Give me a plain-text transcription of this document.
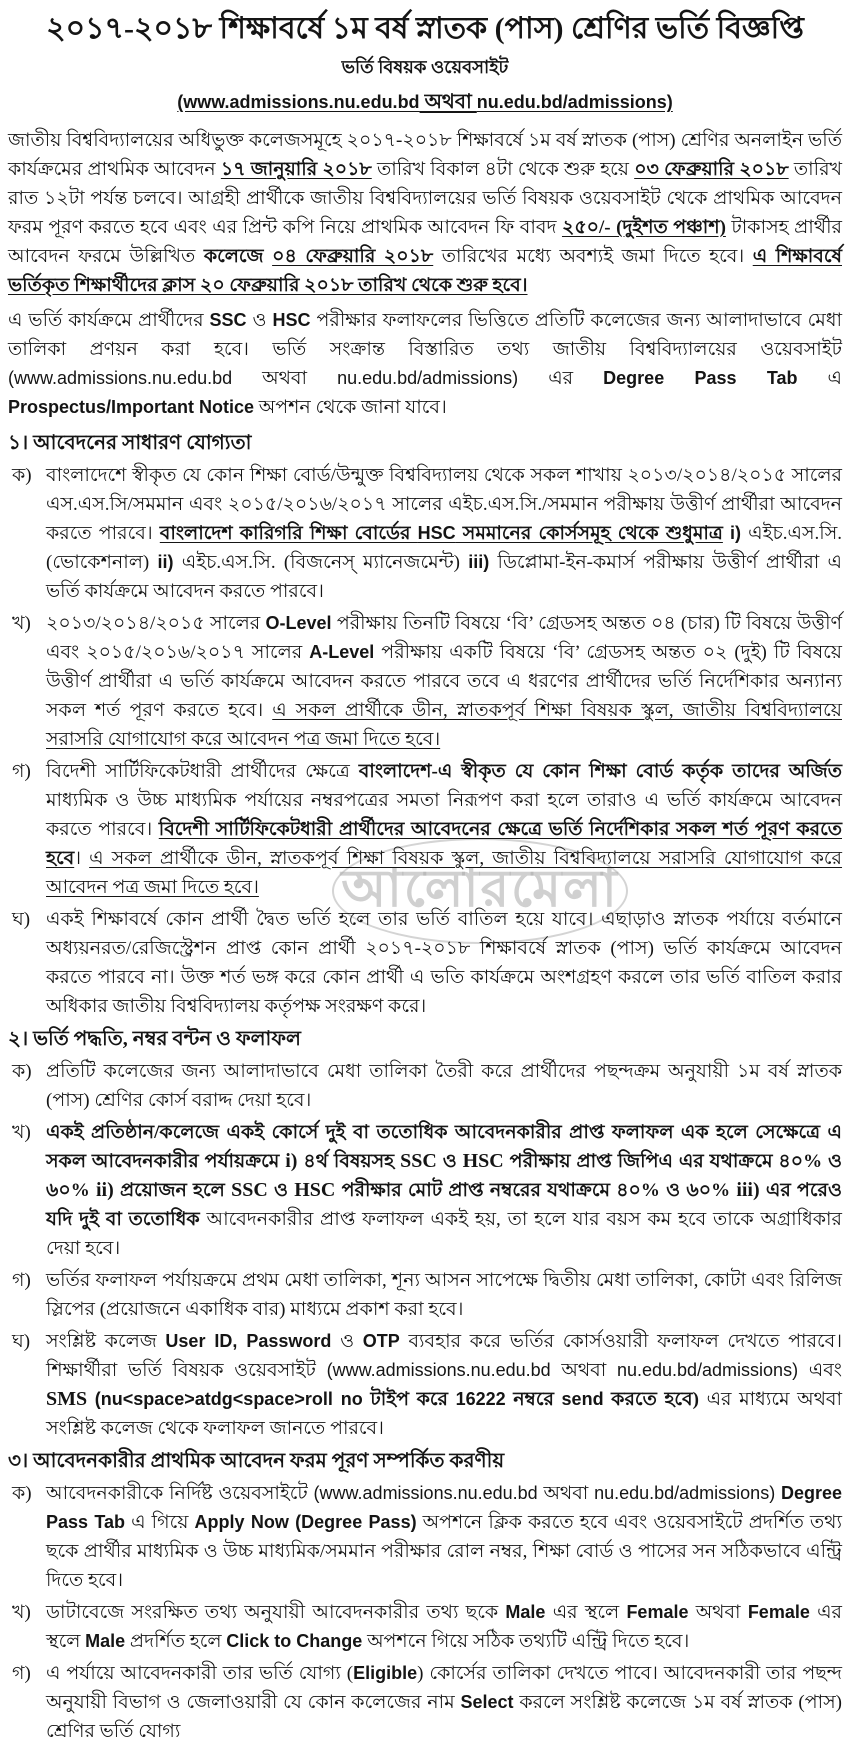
আলোরমেলা
২০১৭-২০১৮ শিক্ষাবর্ষে ১ম বর্ষ স্নাতক (পাস) শ্রেণির ভর্তি বিজ্ঞপ্তি
ভর্তি বিষয়ক ওয়েবসাইট
(www.admissions.nu.edu.bd অথবা nu.edu.bd/admissions)
জাতীয় বিশ্ববিদ্যালয়ের অধিভুক্ত কলেজসমূহে ২০১৭-২০১৮ শিক্ষাবর্ষে ১ম বর্ষ স্নাতক (পাস) শ্রেণির অনলাইন ভর্তি কার্যক্রমের প্রাথমিক আবেদন ১৭ জানুয়ারি ২০১৮ তারিখ বিকাল ৪টা থেকে শুরু হয়ে ০৩ ফেব্রুয়ারি ২০১৮ তারিখ রাত ১২টা পর্যন্ত চলবে। আগ্রহী প্রার্থীকে জাতীয় বিশ্ববিদ্যালয়ের ভর্তি বিষয়ক ওয়েবসাইট থেকে প্রাথমিক আবেদন ফরম পূরণ করতে হবে এবং এর প্রিন্ট কপি নিয়ে প্রাথমিক আবেদন ফি বাবদ ২৫০/- (দুইশত পঞ্চাশ) টাকাসহ প্রার্থীর আবেদন ফরমে উল্লিখিত কলেজে ০৪ ফেব্রুয়ারি ২০১৮ তারিখের মধ্যে অবশ্যই জমা দিতে হবে। এ শিক্ষাবর্ষে ভর্তিকৃত শিক্ষার্থীদের ক্লাস ২০ ফেব্রুয়ারি ২০১৮ তারিখ থেকে শুরু হবে।
এ ভর্তি কার্যক্রমে প্রার্থীদের SSC ও HSC পরীক্ষার ফলাফলের ভিত্তিতে প্রতিটি কলেজের জন্য আলাদাভাবে মেধা তালিকা প্রণয়ন করা হবে। ভর্তি সংক্রান্ত বিস্তারিত তথ্য জাতীয় বিশ্ববিদ্যালয়ের ওয়েবসাইট (www.admissions.nu.edu.bd অথবা nu.edu.bd/admissions) এর Degree Pass Tab এ Prospectus/Important Notice অপশন থেকে জানা যাবে।
১। আবেদনের সাধারণ যোগ্যতা
ক) বাংলাদেশে স্বীকৃত যে কোন শিক্ষা বোর্ড/উন্মুক্ত বিশ্ববিদ্যালয় থেকে সকল শাখায় ২০১৩/২০১৪/২০১৫ সালের এস.এস.সি/সমমান এবং ২০১৫/২০১৬/২০১৭ সালের এইচ.এস.সি./সমমান পরীক্ষায় উত্তীর্ণ প্রার্থীরা আবেদন করতে পারবে। বাংলাদেশ কারিগরি শিক্ষা বোর্ডের HSC সমমানের কোর্সসমূহ থেকে শুধুমাত্র i) এইচ.এস.সি. (ভোকেশনাল) ii) এইচ.এস.সি. (বিজনেস্ ম্যানেজমেন্ট) iii) ডিপ্লোমা-ইন-কমার্স পরীক্ষায় উত্তীর্ণ প্রার্থীরা এ ভর্তি কার্যক্রমে আবেদন করতে পারবে।
খ) ২০১৩/২০১৪/২০১৫ সালের O-Level পরীক্ষায় তিনটি বিষয়ে ‘বি’ গ্রেডসহ অন্তত ০৪ (চার) টি বিষয়ে উত্তীর্ণ এবং ২০১৫/২০১৬/২০১৭ সালের A-Level পরীক্ষায় একটি বিষয়ে ‘বি’ গ্রেডসহ অন্তত ০২ (দুই) টি বিষয়ে উত্তীর্ণ প্রার্থীরা এ ভর্তি কার্যক্রমে আবেদন করতে পারবে তবে এ ধরণের প্রার্থীদের ভর্তি নির্দেশিকার অন্যান্য সকল শর্ত পূরণ করতে হবে। এ সকল প্রার্থীকে ডীন, স্নাতকপূর্ব শিক্ষা বিষয়ক স্কুল, জাতীয় বিশ্ববিদ্যালয়ে সরাসরি যোগাযোগ করে আবেদন পত্র জমা দিতে হবে।
গ) বিদেশী সার্টিফিকেটধারী প্রার্থীদের ক্ষেত্রে বাংলাদেশ-এ স্বীকৃত যে কোন শিক্ষা বোর্ড কর্তৃক তাদের অর্জিত মাধ্যমিক ও উচ্চ মাধ্যমিক পর্যায়ের নম্বরপত্রের সমতা নিরূপণ করা হলে তারাও এ ভর্তি কার্যক্রমে আবেদন করতে পারবে। বিদেশী সার্টিফিকেটধারী প্রার্থীদের আবেদনের ক্ষেত্রে ভর্তি নির্দেশিকার সকল শর্ত পূরণ করতে হবে। এ সকল প্রার্থীকে ডীন, স্নাতকপূর্ব শিক্ষা বিষয়ক স্কুল, জাতীয় বিশ্ববিদ্যালয়ে সরাসরি যোগাযোগ করে আবেদন পত্র জমা দিতে হবে।
ঘ) একই শিক্ষাবর্ষে কোন প্রার্থী দ্বৈত ভর্তি হলে তার ভর্তি বাতিল হয়ে যাবে। এছাড়াও স্নাতক পর্যায়ে বর্তমানে অধ্যয়নরত/রেজিস্ট্রেশন প্রাপ্ত কোন প্রার্থী ২০১৭-২০১৮ শিক্ষাবর্ষে স্নাতক (পাস) ভর্তি কার্যক্রমে আবেদন করতে পারবে না। উক্ত শর্ত ভঙ্গ করে কোন প্রার্থী এ ভতি কার্যক্রমে অংশগ্রহণ করলে তার ভর্তি বাতিল করার অধিকার জাতীয় বিশ্ববিদ্যালয় কর্তৃপক্ষ সংরক্ষণ করে।
২। ভর্তি পদ্ধতি, নম্বর বন্টন ও ফলাফল
ক) প্রতিটি কলেজের জন্য আলাদাভাবে মেধা তালিকা তৈরী করে প্রার্থীদের পছন্দক্রম অনুযায়ী ১ম বর্ষ স্নাতক (পাস) শ্রেণির কোর্স বরাদ্দ দেয়া হবে।
খ) একই প্রতিষ্ঠান/কলেজে একই কোর্সে দুই বা ততোধিক আবেদনকারীর প্রাপ্ত ফলাফল এক হলে সেক্ষেত্রে এ সকল আবেদনকারীর পর্যায়ক্রমে i) ৪র্থ বিষয়সহ SSC ও HSC পরীক্ষায় প্রাপ্ত জিপিএ এর যথাক্রমে ৪০% ও ৬০% ii) প্রয়োজন হলে SSC ও HSC পরীক্ষার মোট প্রাপ্ত নম্বরের যথাক্রমে ৪০% ও ৬০% iii) এর পরেও যদি দুই বা ততোধিক আবেদনকারীর প্রাপ্ত ফলাফল একই হয়, তা হলে যার বয়স কম হবে তাকে অগ্রাধিকার দেয়া হবে।
গ) ভর্তির ফলাফল পর্যায়ক্রমে প্রথম মেধা তালিকা, শূন্য আসন সাপেক্ষে দ্বিতীয় মেধা তালিকা, কোটা এবং রিলিজ স্লিপের (প্রয়োজনে একাধিক বার) মাধ্যমে প্রকাশ করা হবে।
ঘ) সংশ্লিষ্ট কলেজ User ID, Password ও OTP ব্যবহার করে ভর্তির কোর্সওয়ারী ফলাফল দেখতে পারবে। শিক্ষার্থীরা ভর্তি বিষয়ক ওয়েবসাইট (www.admissions.nu.edu.bd অথবা nu.edu.bd/admissions) এবং SMS (nu<space>atdg<space>roll no টাইপ করে 16222 নম্বরে send করতে হবে) এর মাধ্যমে অথবা সংশ্লিষ্ট কলেজ থেকে ফলাফল জানতে পারবে।
৩। আবেদনকারীর প্রাথমিক আবেদন ফরম পূরণ সম্পর্কিত করণীয়
ক) আবেদনকারীকে নির্দিষ্ট ওয়েবসাইটে (www.admissions.nu.edu.bd অথবা nu.edu.bd/admissions) Degree Pass Tab এ গিয়ে Apply Now (Degree Pass) অপশনে ক্লিক করতে হবে এবং ওয়েবসাইটে প্রদর্শিত তথ্য ছকে প্রার্থীর মাধ্যমিক ও উচ্চ মাধ্যমিক/সমমান পরীক্ষার রোল নম্বর, শিক্ষা বোর্ড ও পাসের সন সঠিকভাবে এন্ট্রি দিতে হবে।
খ) ডাটাবেজে সংরক্ষিত তথ্য অনুযায়ী আবেদনকারীর তথ্য ছকে Male এর স্থলে Female অথবা Female এর স্থলে Male প্রদর্শিত হলে Click to Change অপশনে গিয়ে সঠিক তথ্যটি এন্ট্রি দিতে হবে।
গ) এ পর্যায়ে আবেদনকারী তার ভর্তি যোগ্য (Eligible) কোর্সের তালিকা দেখতে পাবে। আবেদনকারী তার পছন্দ অনুযায়ী বিভাগ ও জেলাওয়ারী যে কোন কলেজের নাম Select করলে সংশ্লিষ্ট কলেজে ১ম বর্ষ স্নাতক (পাস) শ্রেণির ভর্তি যোগ্য
